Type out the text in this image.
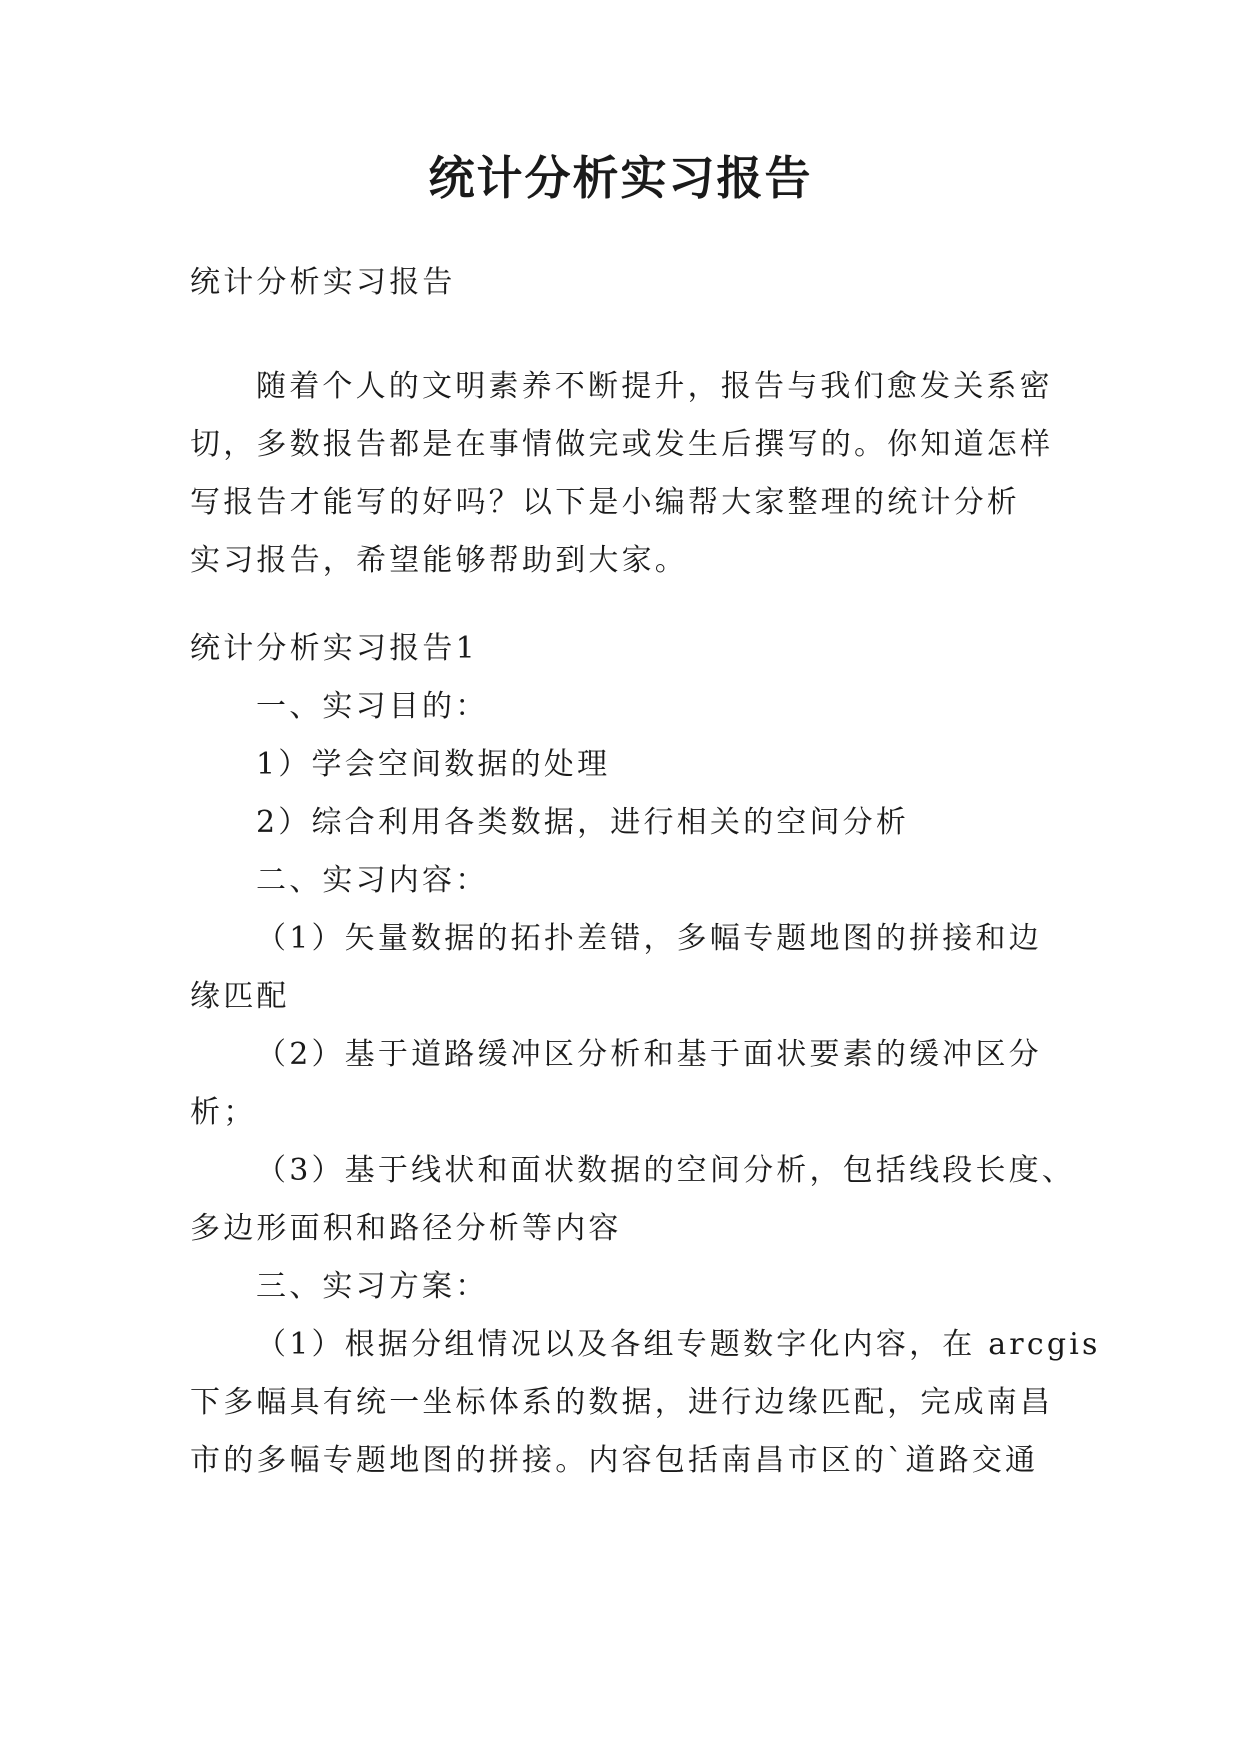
统计分析实习报告

统计分析实习报告

随着个人的文明素养不断提升，报告与我们愈发关系密

切，多数报告都是在事情做完或发生后撰写的。你知道怎样

写报告才能写的好吗？以下是小编帮大家整理的统计分析

实习报告，希望能够帮助到大家。

统计分析实习报告1

一、实习目的：

1）学会空间数据的处理

2）综合利用各类数据，进行相关的空间分析

二、实习内容：

（1）矢量数据的拓扑差错，多幅专题地图的拼接和边

缘匹配

（2）基于道路缓冲区分析和基于面状要素的缓冲区分

析；

（3）基于线状和面状数据的空间分析，包括线段长度、

多边形面积和路径分析等内容

三、实习方案：

（1）根据分组情况以及各组专题数字化内容，在 arcgis

下多幅具有统一坐标体系的数据，进行边缘匹配，完成南昌

市的多幅专题地图的拼接。内容包括南昌市区的`道路交通
